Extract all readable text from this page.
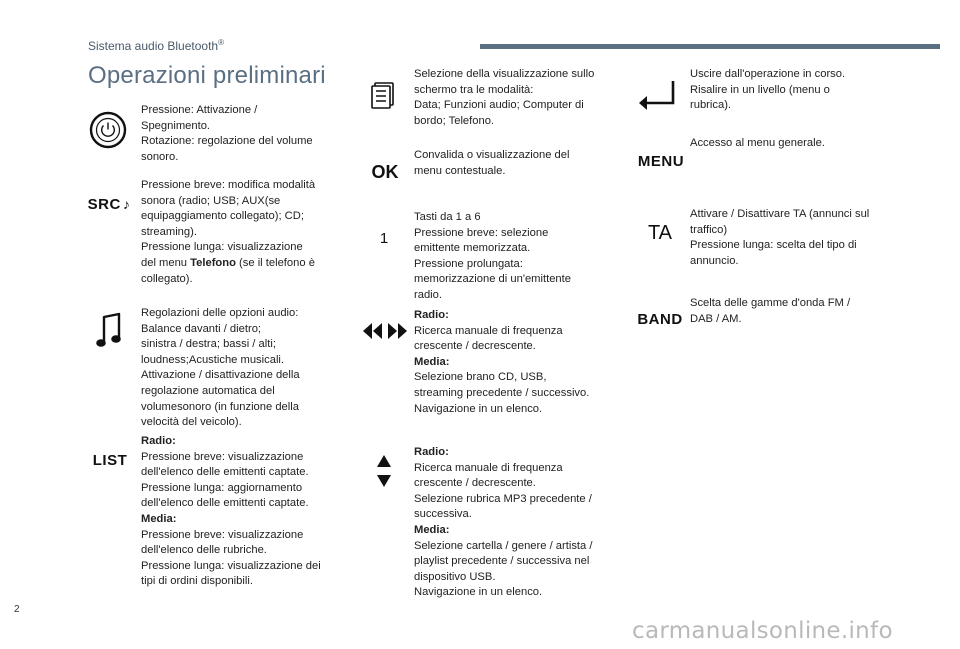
Sistema audio Bluetooth®
Operazioni preliminari
Pressione: Attivazione /
Spegnimento.
Rotazione: regolazione del volume
sonoro.
SRC ♪
Pressione breve: modifica modalità
sonora (radio; USB; AUX(se
equipaggiamento collegato); CD;
streaming).
Pressione lunga: visualizzazione
del menu Telefono (se il telefono è
collegato).
Regolazioni delle opzioni audio:
Balance davanti / dietro;
sinistra / destra; bassi / alti;
loudness;Acustiche musicali.
Attivazione / disattivazione della
regolazione automatica del
volumesonoro (in funzione della
velocità del veicolo).
LIST
Radio:
Pressione breve: visualizzazione
dell'elenco delle emittenti captate.
Pressione lunga: aggiornamento
dell'elenco delle emittenti captate.
Media:
Pressione breve: visualizzazione
dell'elenco delle rubriche.
Pressione lunga: visualizzazione dei
tipi di ordini disponibili.
Selezione della visualizzazione sullo
schermo tra le modalità:
Data; Funzioni audio; Computer di
bordo; Telefono.
OK
Convalida o visualizzazione del
menu contestuale.
1
Tasti da 1 a 6
Pressione breve: selezione
emittente memorizzata.
Pressione prolungata:
memorizzazione di un'emittente
radio.
Radio:
Ricerca manuale di frequenza
crescente / decrescente.
Media:
Selezione brano CD, USB,
streaming precedente / successivo.
Navigazione in un elenco.
Radio:
Ricerca manuale di frequenza
crescente / decrescente.
Selezione rubrica MP3 precedente /
successiva.
Media:
Selezione cartella / genere / artista /
playlist precedente / successiva nel
dispositivo USB.
Navigazione in un elenco.
Uscire dall'operazione in corso.
Risalire in un livello (menu o
rubrica).
MENU
Accesso al menu generale.
TA
Attivare / Disattivare TA (annunci sul
traffico)
Pressione lunga: scelta del tipo di
annuncio.
BAND
Scelta delle gamme d'onda FM /
DAB / AM.
2
carmanualsonline.info
